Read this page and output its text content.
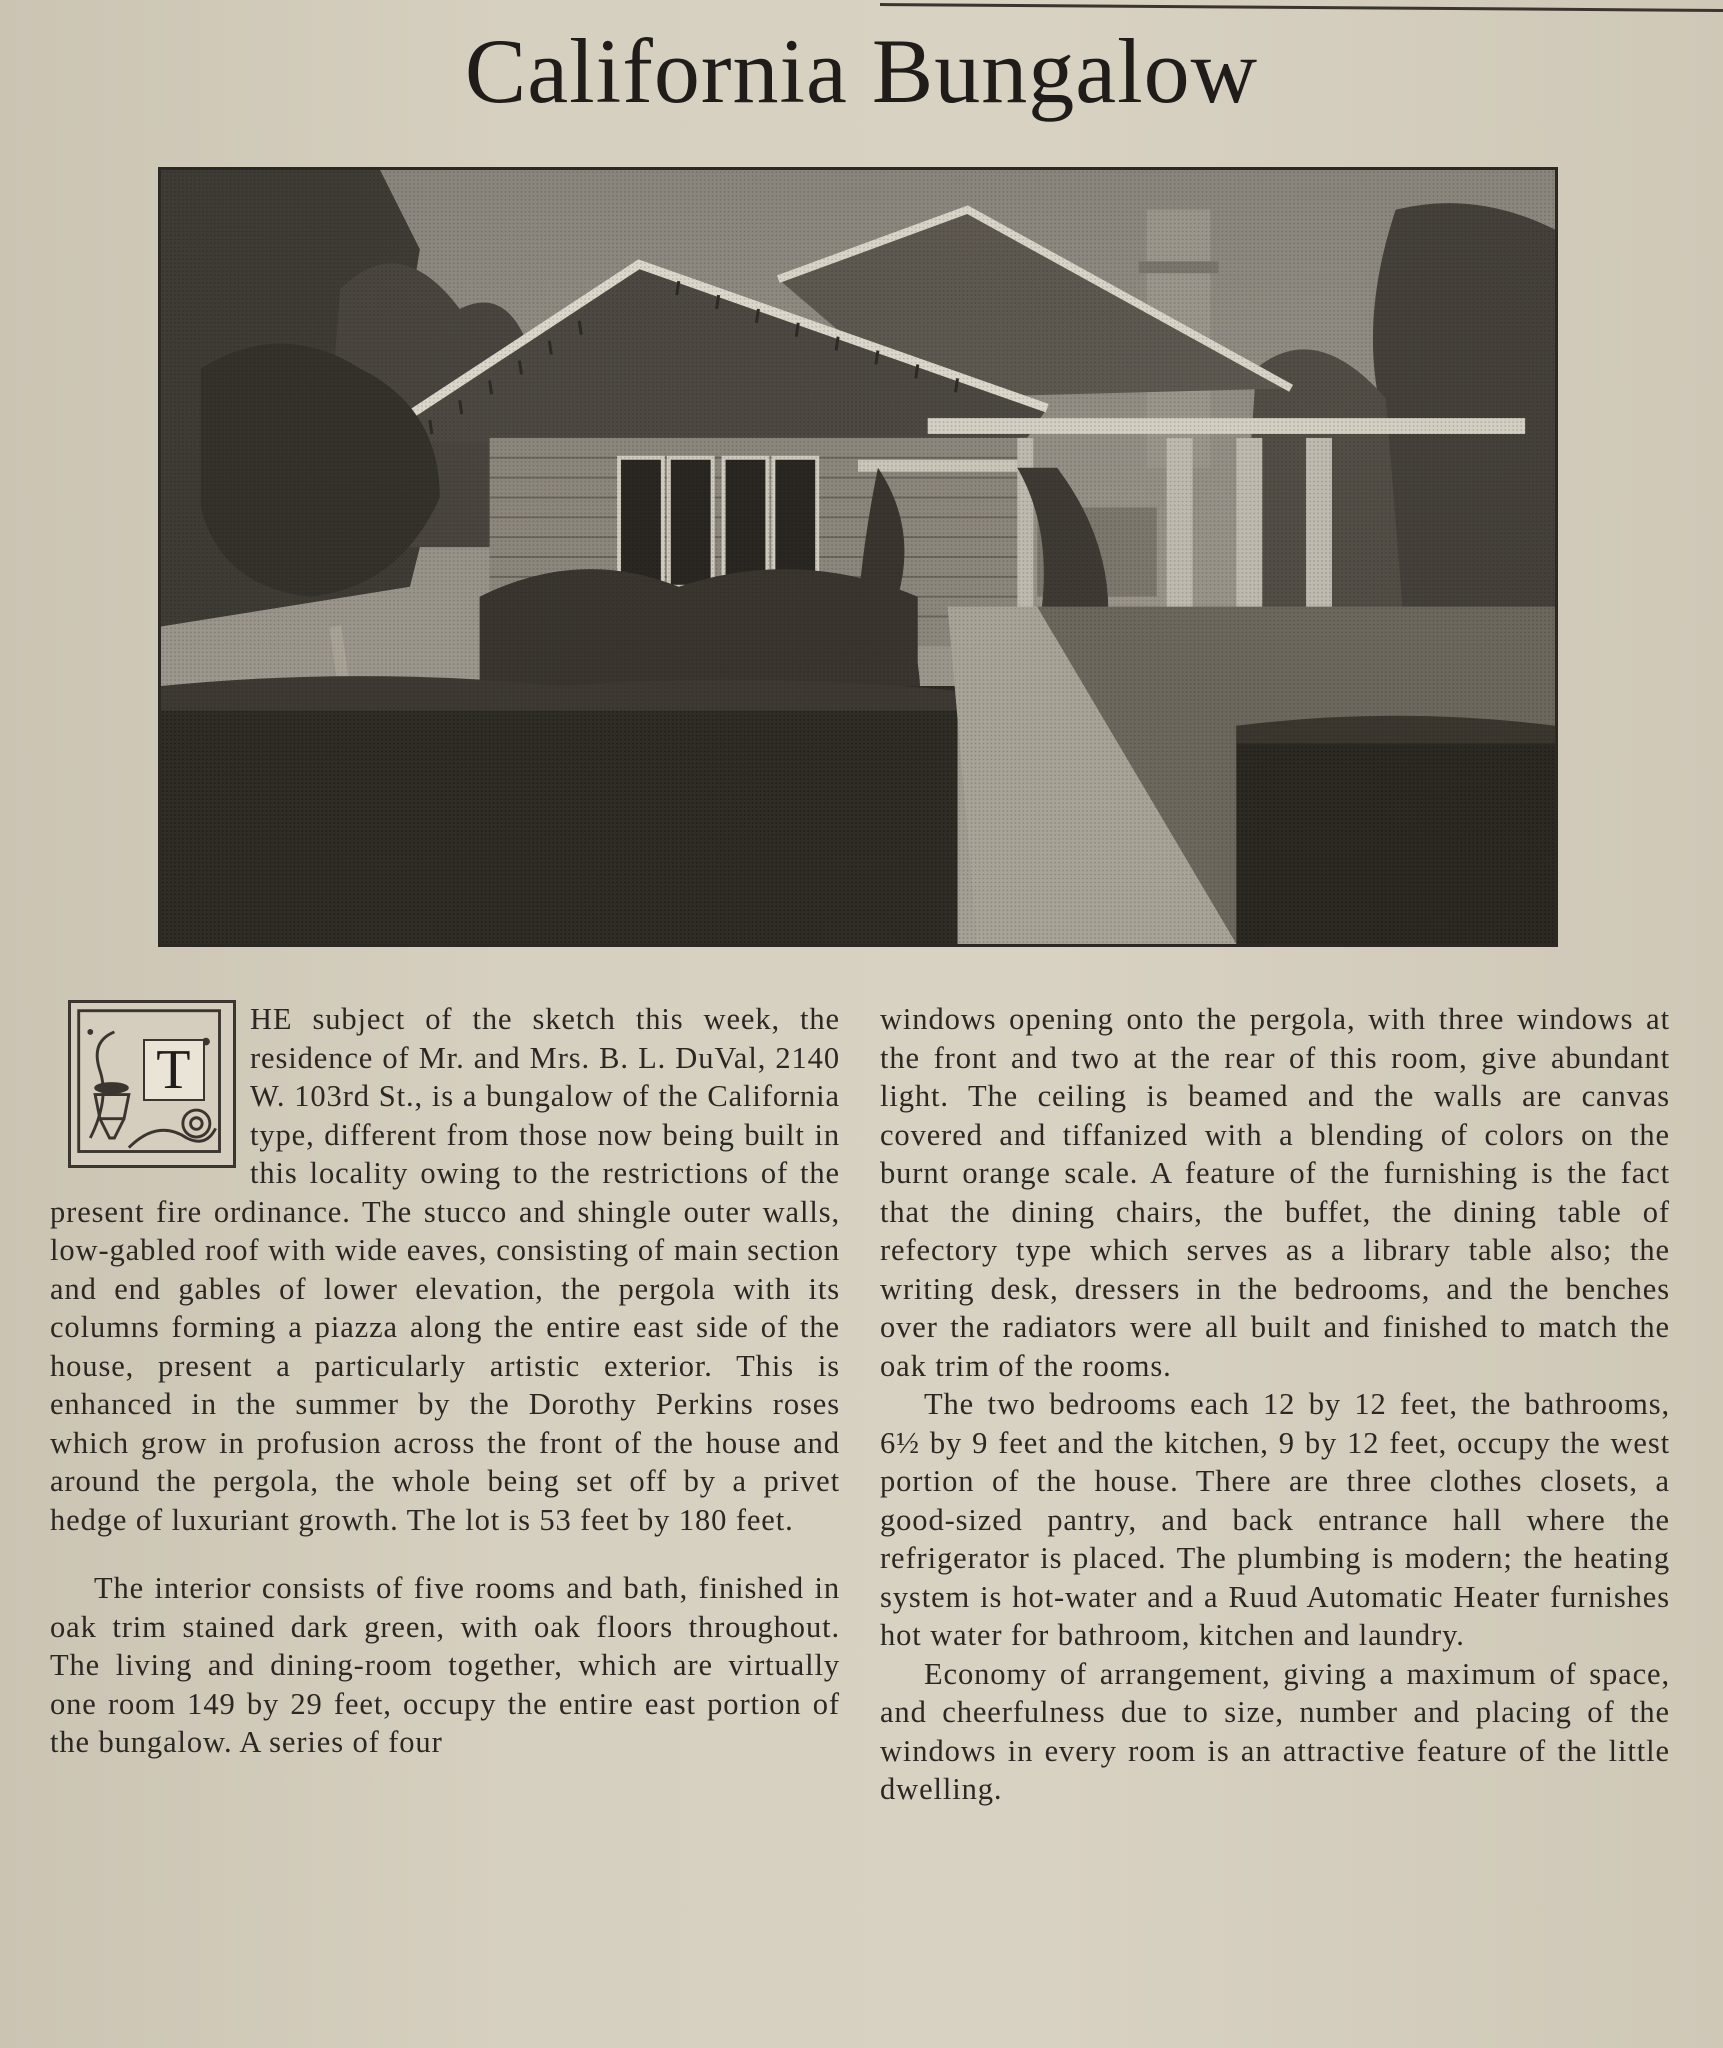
California Bungalow
T

HE subject of the sketch this week, the residence of Mr. and Mrs. B. L. DuVal, 2140 W. 103rd St., is a bungalow of the California type, different from those now being built in this locality owing to the restrictions of the present fire ordinance. The stucco and shingle outer walls, low-gabled roof with wide eaves, consisting of main section and end gables of lower elevation, the pergola with its columns forming a piazza along the entire east side of the house, present a particularly artistic exterior. This is enhanced in the summer by the Dorothy Perkins roses which grow in profusion across the front of the house and around the pergola, the whole being set off by a privet hedge of luxuriant growth. The lot is 53 feet by 180 feet.

The interior consists of five rooms and bath, finished in oak trim stained dark green, with oak floors throughout. The living and dining-room together, which are virtually one room 149 by 29 feet, occupy the entire east portion of the bungalow. A series of four

windows opening onto the pergola, with three windows at the front and two at the rear of this room, give abundant light. The ceiling is beamed and the walls are canvas covered and tiffanized with a blending of colors on the burnt orange scale. A feature of the furnishing is the fact that the dining chairs, the buffet, the dining table of refectory type which serves as a library table also; the writing desk, dressers in the bedrooms, and the benches over the radiators were all built and finished to match the oak trim of the rooms.

The two bedrooms each 12 by 12 feet, the bathrooms, 6½ by 9 feet and the kitchen, 9 by 12 feet, occupy the west portion of the house. There are three clothes closets, a good-sized pantry, and back entrance hall where the refrigerator is placed. The plumbing is modern; the heating system is hot-water and a Ruud Automatic Heater furnishes hot water for bathroom, kitchen and laundry.

Economy of arrangement, giving a maximum of space, and cheerfulness due to size, number and placing of the windows in every room is an attractive feature of the little dwelling.
